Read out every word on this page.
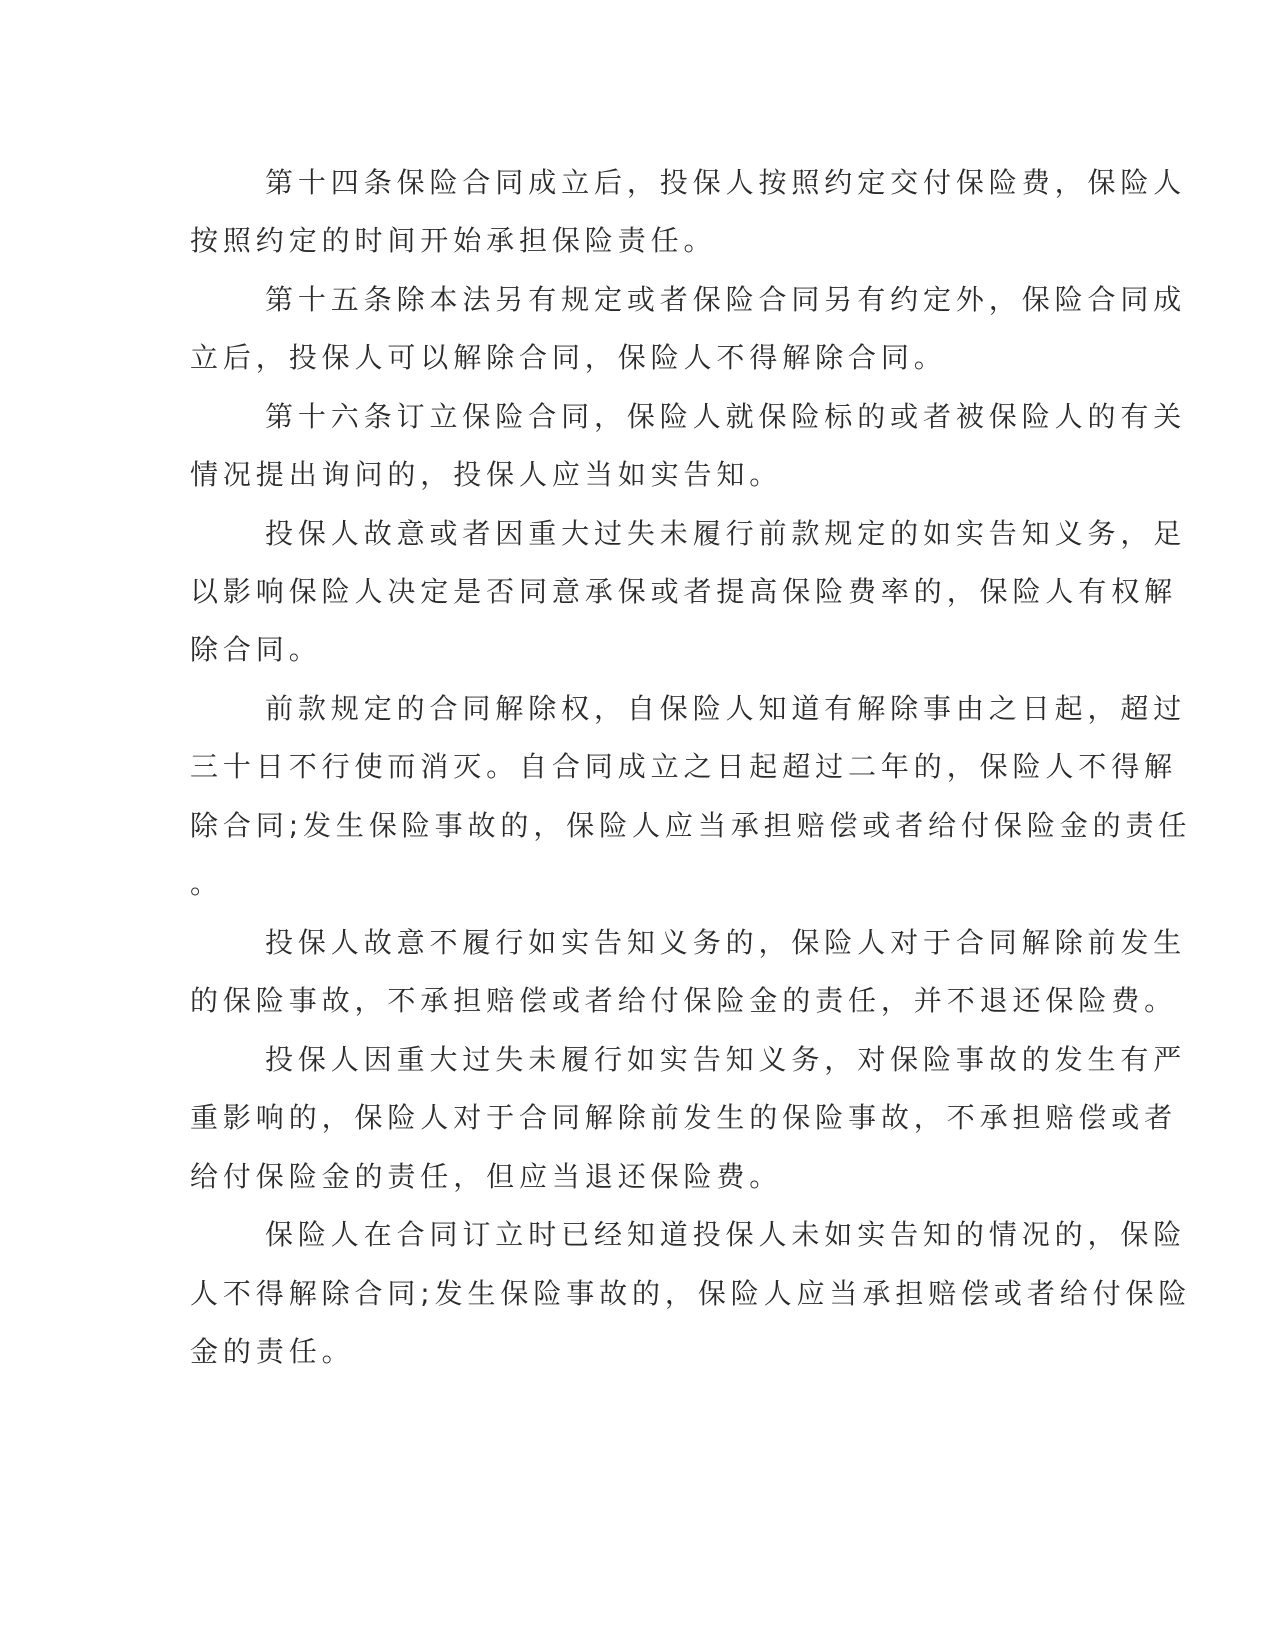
第十四条保险合同成立后，投保人按照约定交付保险费，保险人
按照约定的时间开始承担保险责任。
第十五条除本法另有规定或者保险合同另有约定外，保险合同成
立后，投保人可以解除合同，保险人不得解除合同。
第十六条订立保险合同，保险人就保险标的或者被保险人的有关
情况提出询问的，投保人应当如实告知。
投保人故意或者因重大过失未履行前款规定的如实告知义务，足
以影响保险人决定是否同意承保或者提高保险费率的，保险人有权解
除合同。
前款规定的合同解除权，自保险人知道有解除事由之日起，超过
三十日不行使而消灭。自合同成立之日起超过二年的，保险人不得解
除合同;发生保险事故的，保险人应当承担赔偿或者给付保险金的责任
。
投保人故意不履行如实告知义务的，保险人对于合同解除前发生
的保险事故，不承担赔偿或者给付保险金的责任，并不退还保险费。
投保人因重大过失未履行如实告知义务，对保险事故的发生有严
重影响的，保险人对于合同解除前发生的保险事故，不承担赔偿或者
给付保险金的责任，但应当退还保险费。
保险人在合同订立时已经知道投保人未如实告知的情况的，保险
人不得解除合同;发生保险事故的，保险人应当承担赔偿或者给付保险
金的责任。
